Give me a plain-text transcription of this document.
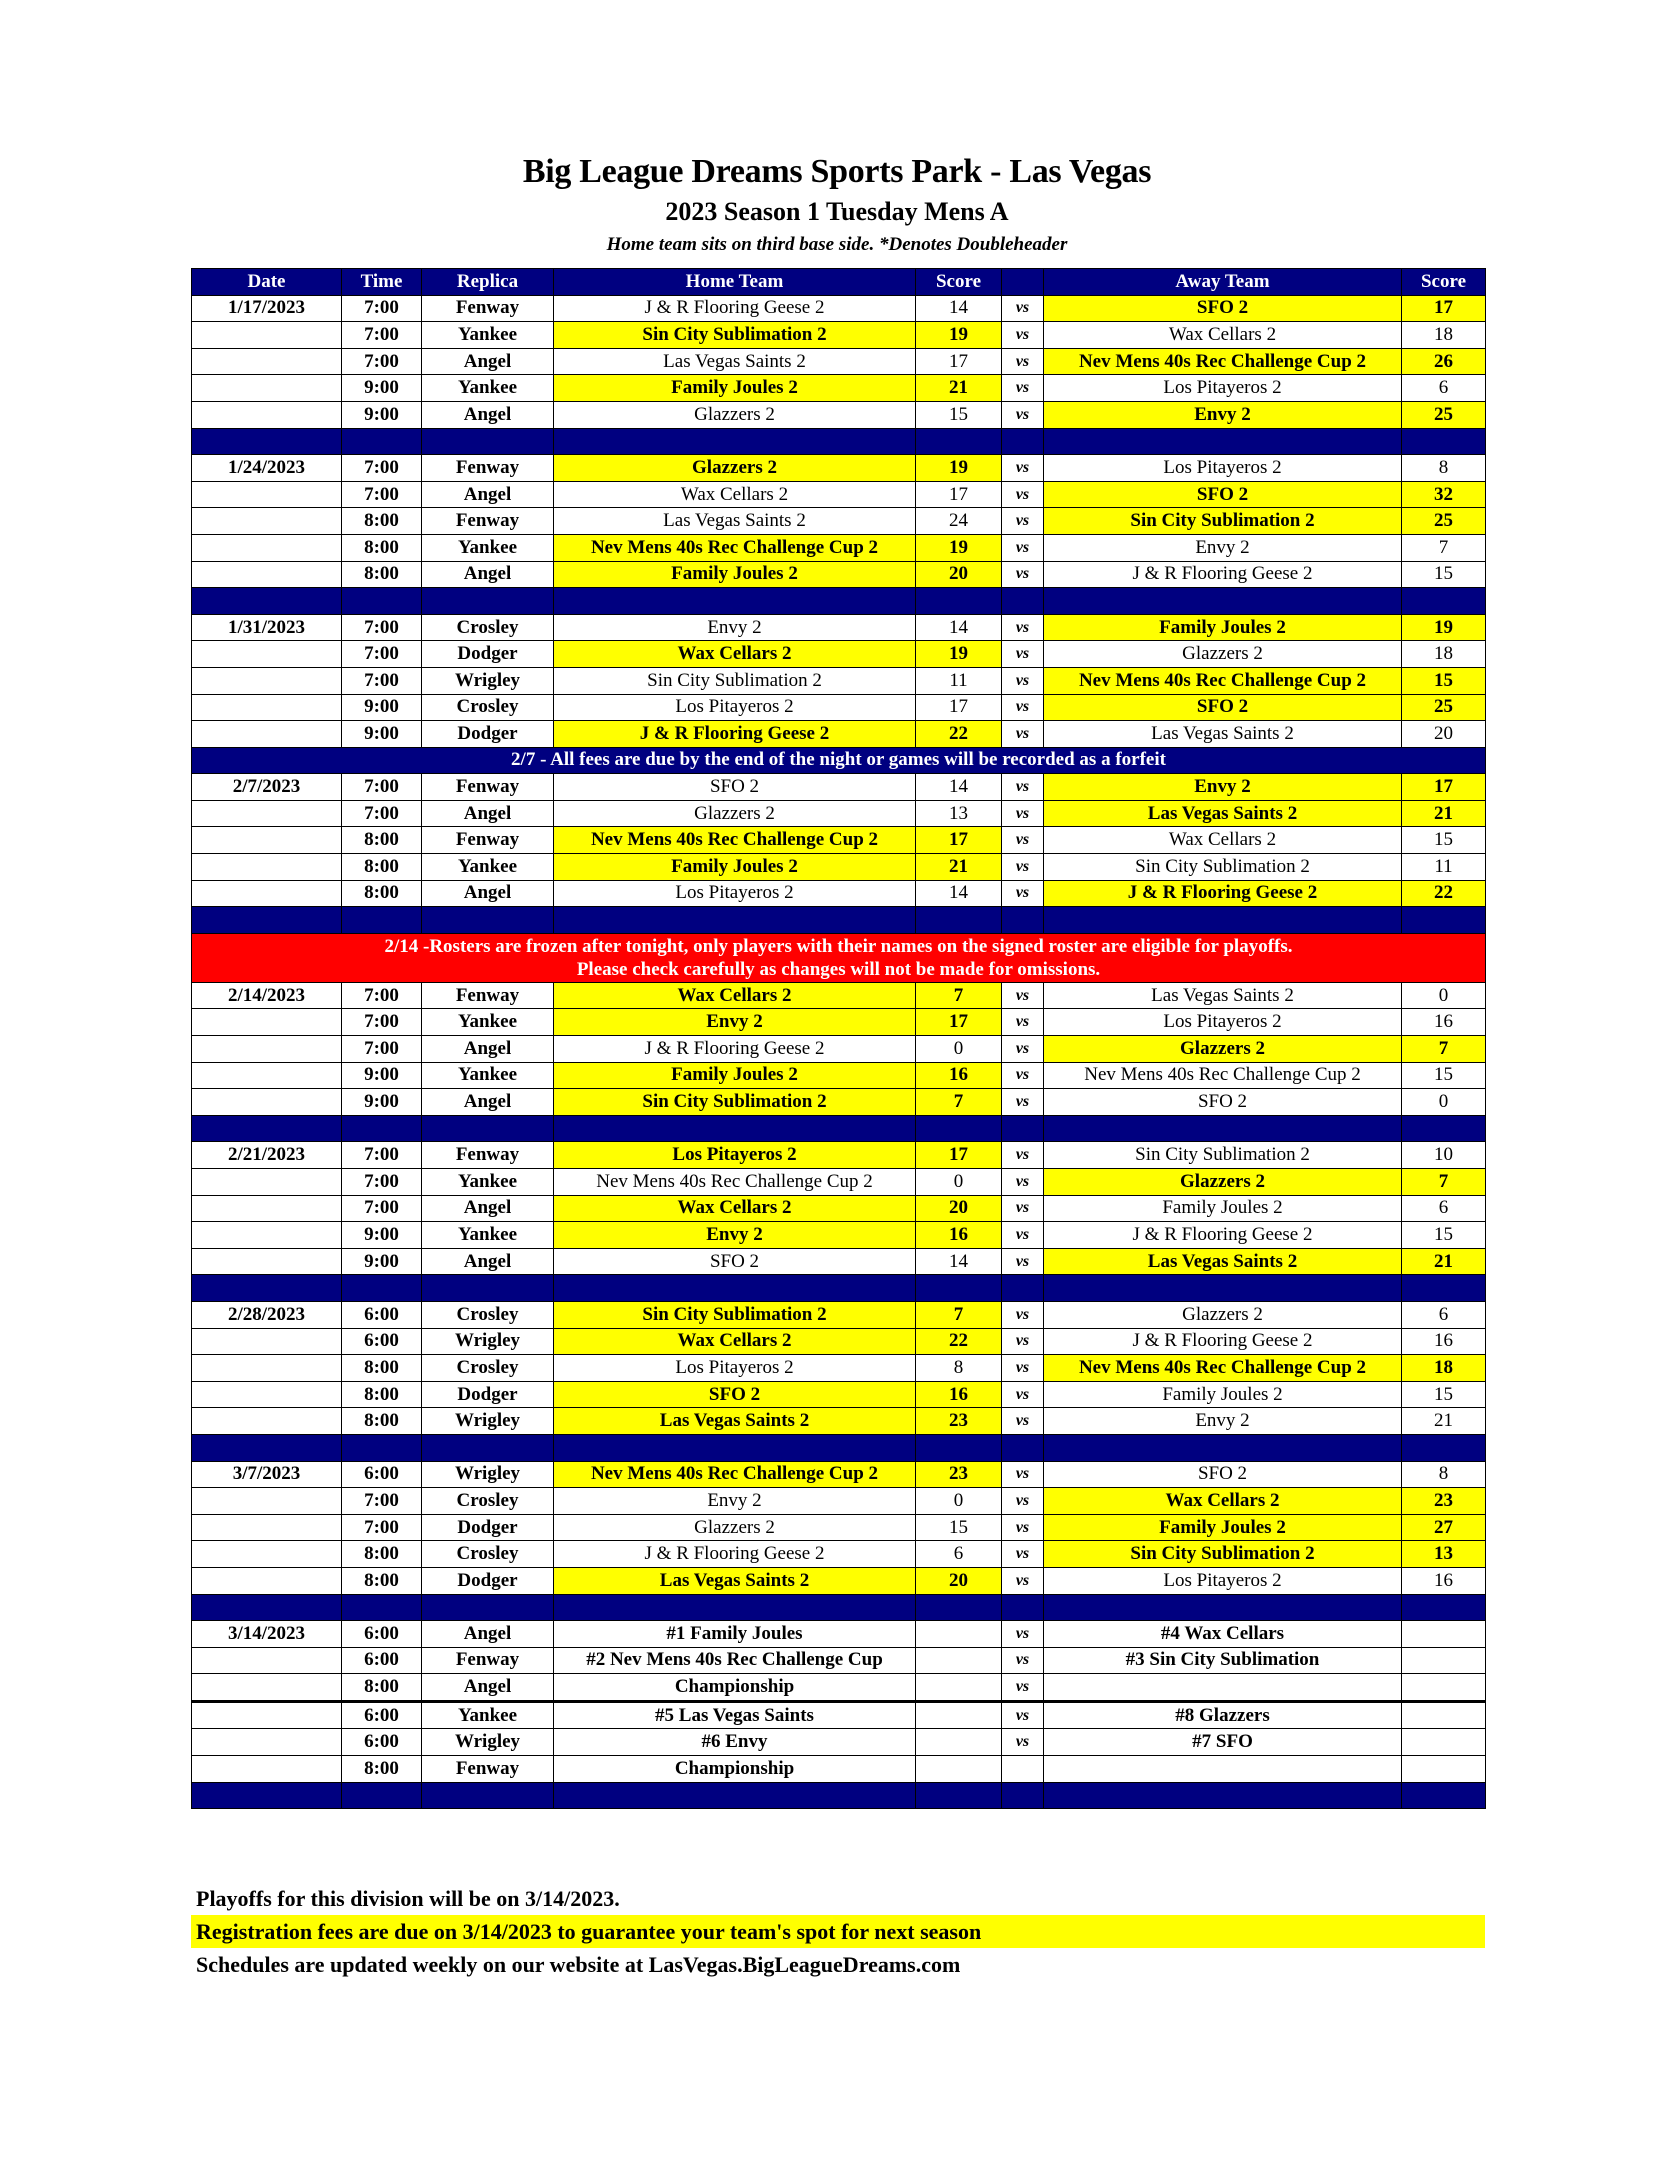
Big League Dreams Sports Park - Las Vegas
2023 Season 1 Tuesday Mens A
Home team sits on third base side. *Denotes Doubleheader
Date	Time	Replica	Home Team	Score		Away Team	Score
1/17/2023	7:00	Fenway	J & R Flooring Geese 2	14	vs	SFO 2	17
	7:00	Yankee	Sin City Sublimation 2	19	vs	Wax Cellars 2	18
	7:00	Angel	Las Vegas Saints 2	17	vs	Nev Mens 40s Rec Challenge Cup 2	26
	9:00	Yankee	Family Joules 2	21	vs	Los Pitayeros 2	6
	9:00	Angel	Glazzers 2	15	vs	Envy 2	25

1/24/2023	7:00	Fenway	Glazzers 2	19	vs	Los Pitayeros 2	8
	7:00	Angel	Wax Cellars 2	17	vs	SFO 2	32
	8:00	Fenway	Las Vegas Saints 2	24	vs	Sin City Sublimation 2	25
	8:00	Yankee	Nev Mens 40s Rec Challenge Cup 2	19	vs	Envy 2	7
	8:00	Angel	Family Joules 2	20	vs	J & R Flooring Geese 2	15

1/31/2023	7:00	Crosley	Envy 2	14	vs	Family Joules 2	19
	7:00	Dodger	Wax Cellars 2	19	vs	Glazzers 2	18
	7:00	Wrigley	Sin City Sublimation 2	11	vs	Nev Mens 40s Rec Challenge Cup 2	15
	9:00	Crosley	Los Pitayeros 2	17	vs	SFO 2	25
	9:00	Dodger	J & R Flooring Geese 2	22	vs	Las Vegas Saints 2	20
2/7 - All fees are due by the end of the night or games will be recorded as a forfeit							
2/7/2023	7:00	Fenway	SFO 2	14	vs	Envy 2	17
	7:00	Angel	Glazzers 2	13	vs	Las Vegas Saints 2	21
	8:00	Fenway	Nev Mens 40s Rec Challenge Cup 2	17	vs	Wax Cellars 2	15
	8:00	Yankee	Family Joules 2	21	vs	Sin City Sublimation 2	11
	8:00	Angel	Los Pitayeros 2	14	vs	J & R Flooring Geese 2	22

2/14 -Rosters are frozen after tonight, only players with their names on the signed roster are eligible for playoffs.
Please check carefully as changes will not be made for omissions.							

2/14/2023	7:00	Fenway	Wax Cellars 2	7	vs	Las Vegas Saints 2	0
	7:00	Yankee	Envy 2	17	vs	Los Pitayeros 2	16
	7:00	Angel	J & R Flooring Geese 2	0	vs	Glazzers 2	7
	9:00	Yankee	Family Joules 2	16	vs	Nev Mens 40s Rec Challenge Cup 2	15
	9:00	Angel	Sin City Sublimation 2	7	vs	SFO 2	0

2/21/2023	7:00	Fenway	Los Pitayeros 2	17	vs	Sin City Sublimation 2	10
	7:00	Yankee	Nev Mens 40s Rec Challenge Cup 2	0	vs	Glazzers 2	7
	7:00	Angel	Wax Cellars 2	20	vs	Family Joules 2	6
	9:00	Yankee	Envy 2	16	vs	J & R Flooring Geese 2	15
	9:00	Angel	SFO 2	14	vs	Las Vegas Saints 2	21

2/28/2023	6:00	Crosley	Sin City Sublimation 2	7	vs	Glazzers 2	6
	6:00	Wrigley	Wax Cellars 2	22	vs	J & R Flooring Geese 2	16
	8:00	Crosley	Los Pitayeros 2	8	vs	Nev Mens 40s Rec Challenge Cup 2	18
	8:00	Dodger	SFO 2	16	vs	Family Joules 2	15
	8:00	Wrigley	Las Vegas Saints 2	23	vs	Envy 2	21

3/7/2023	6:00	Wrigley	Nev Mens 40s Rec Challenge Cup 2	23	vs	SFO 2	8
	7:00	Crosley	Envy 2	0	vs	Wax Cellars 2	23
	7:00	Dodger	Glazzers 2	15	vs	Family Joules 2	27
	8:00	Crosley	J & R Flooring Geese 2	6	vs	Sin City Sublimation 2	13
	8:00	Dodger	Las Vegas Saints 2	20	vs	Los Pitayeros 2	16

3/14/2023	6:00	Angel	#1 Family Joules		vs	#4 Wax Cellars	
	6:00	Fenway	#2 Nev Mens 40s Rec Challenge Cup		vs	#3 Sin City Sublimation	
	8:00	Angel	Championship		vs		
	6:00	Yankee	#5 Las Vegas Saints		vs	#8 Glazzers	
	6:00	Wrigley	#6 Envy		vs	#7 SFO	
	8:00	Fenway	Championship				

Playoffs for this division will be on 3/14/2023.
Registration fees are due on 3/14/2023 to guarantee your team's spot for next season
Schedules are updated weekly on our website at LasVegas.BigLeagueDreams.com
